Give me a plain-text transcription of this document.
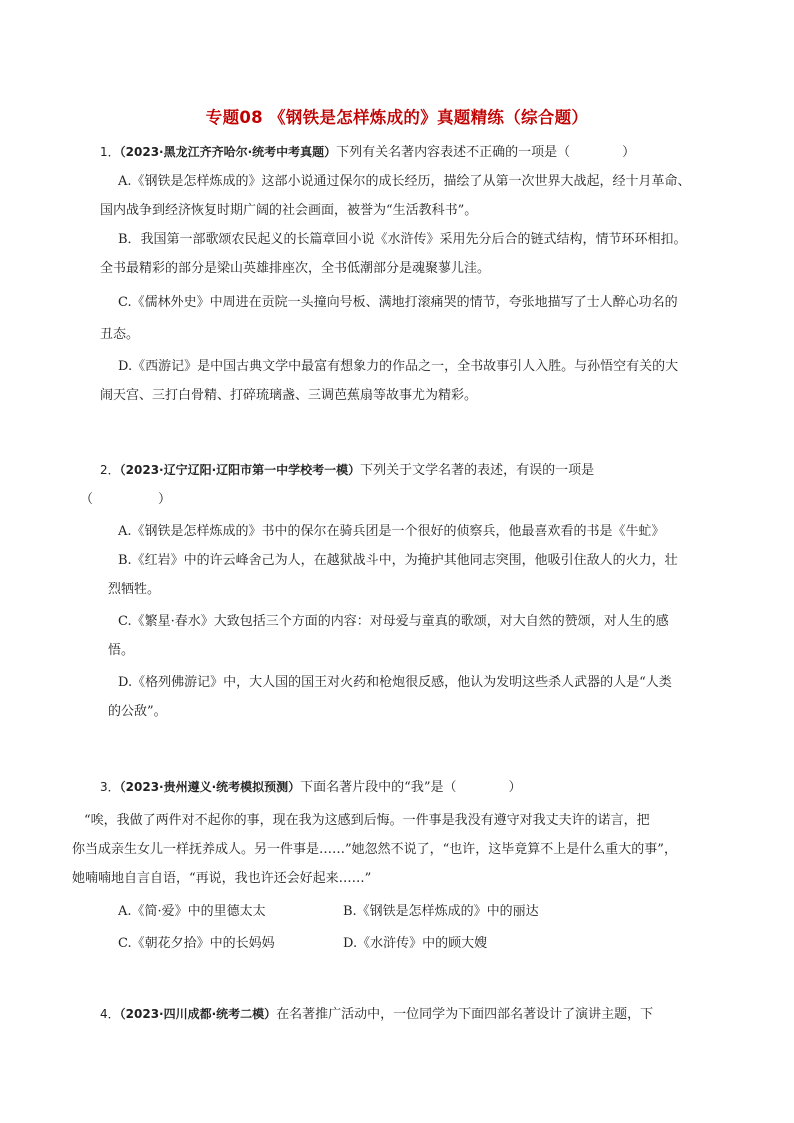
专题08 《钢铁是怎样炼成的》真题精练（综合题）

1．（2023·黑龙江齐齐哈尔·统考中考真题）下列有关名著内容表述不正确的一项是（　　　　）

A.《钢铁是怎样炼成的》这部小说通过保尔的成长经历，描绘了从第一次世界大战起，经十月革命、

国内战争到经济恢复时期广阔的社会画面，被誉为“生活教科书”。

B．我国第一部歌颂农民起义的长篇章回小说《水浒传》采用先分后合的链式结构，情节环环相扣。

全书最精彩的部分是梁山英雄排座次，全书低潮部分是魂聚蓼儿洼。

C.《儒林外史》中周进在贡院一头撞向号板、满地打滚痛哭的情节，夸张地描写了士人醉心功名的

丑态。

D.《西游记》是中国古典文学中最富有想象力的作品之一，全书故事引人入胜。与孙悟空有关的大

闹天宫、三打白骨精、打碎琉璃盏、三调芭蕉扇等故事尤为精彩。

2．（2023·辽宁辽阳·辽阳市第一中学校考一模）下列关于文学名著的表述，有误的一项是

（　　　　　）

A.《钢铁是怎样炼成的》书中的保尔在骑兵团是一个很好的侦察兵，他最喜欢看的书是《牛虻》

B.《红岩》中的许云峰舍己为人，在越狱战斗中，为掩护其他同志突围，他吸引住敌人的火力，壮

烈牺牲。

C.《繁星·春水》大致包括三个方面的内容：对母爱与童真的歌颂，对大自然的赞颂，对人生的感

悟。

D.《格列佛游记》中，大人国的国王对火药和枪炮很反感，他认为发明这些杀人武器的人是“人类

的公敌”。

3．（2023·贵州遵义·统考模拟预测）下面名著片段中的“我”是（　　　　）

“唉，我做了两件对不起你的事，现在我为这感到后悔。一件事是我没有遵守对我丈夫许的诺言，把

你当成亲生女儿一样抚养成人。另一件事是……”她忽然不说了，“也许，这毕竟算不上是什么重大的事”，

她喃喃地自言自语，“再说，我也许还会好起来……”

A.《简·爱》中的里德太太	B.《钢铁是怎样炼成的》中的丽达
C.《朝花夕拾》中的长妈妈	D.《水浒传》中的顾大嫂

4．（2023·四川成都·统考二模）在名著推广活动中，一位同学为下面四部名著设计了演讲主题，下
